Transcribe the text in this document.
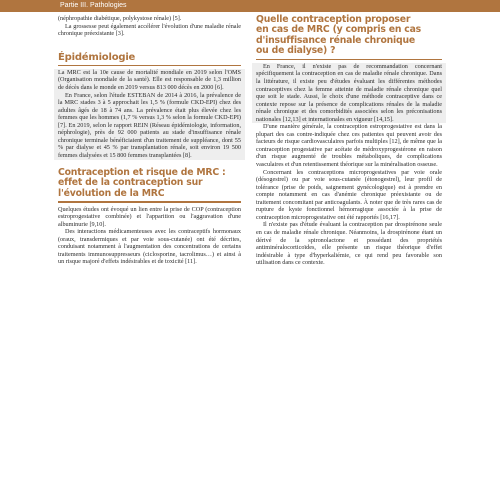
Partie III. Pathologies

(néphropathie diabétique, polykystose rénale) [5].

La grossesse peut également accélérer l'évolution d'une maladie rénale chronique préexistante [3].

Épidémiologie

La MRC est la 10e cause de mortalité mondiale en 2019 selon l'OMS (Organisation mondiale de la santé). Elle est responsable de 1,3 million de décès dans le monde en 2019 versus 813 000 décès en 2000 [6].

En France, selon l'étude ESTEBAN de 2014 à 2016, la prévalence de la MRC stades 3 à 5 approchait les 1,5 % (formule CKD-EPI) chez des adultes âgés de 18 à 74 ans. La prévalence était plus élevée chez les femmes que les hommes (1,7 % versus 1,3 % selon la formule CKD-EPI) [7]. En 2019, selon le rapport REIN (Réseau épidémiologie, information, néphrologie), près de 92 000 patients au stade d'insuffisance rénale chronique terminale bénéficiaient d'un traitement de suppléance, dont 55 % par dialyse et 45 % par transplantation rénale, soit environ 19 500 femmes dialysées et 15 800 femmes transplantées [8].

Contraception et risque de MRC :
effet de la contraception sur
l'évolution de la MRC

Quelques études ont évoqué un lien entre la prise de COP (contraception estroprogestative combinée) et l'apparition ou l'aggravation d'une albuminurie [9,10].

Des interactions médicamenteuses avec les contraceptifs hormonaux (oraux, transdermiques et par voie sous-cutanée) ont été décrites, conduisant notamment à l'augmentation des concentrations de certains traitements immunosuppresseurs (ciclosporine, tacrolimus…) et ainsi à un risque majoré d'effets indésirables et de toxicité [11].

Quelle contraception proposer
en cas de MRC (y compris en cas
d'insuffisance rénale chronique
ou de dialyse) ?

En France, il n'existe pas de recommandation concernant spécifiquement la contraception en cas de maladie rénale chronique. Dans la littérature, il existe peu d'études évaluant les différentes méthodes contraceptives chez la femme atteinte de maladie rénale chronique quel que soit le stade. Aussi, le choix d'une méthode contraceptive dans ce contexte repose sur la présence de complications rénales de la maladie rénale chronique et des comorbidités associées selon les préconisations nationales [12,13] et internationales en vigueur [14,15].

D'une manière générale, la contraception estroprogestative est dans la plupart des cas contre-indiquée chez ces patientes qui peuvent avoir des facteurs de risque cardiovasculaires parfois multiples [12], de même que la contraception progestative par acétate de médroxyprogestérone en raison d'un risque augmenté de troubles métaboliques, de complications vasculaires et d'un retentissement théorique sur la minéralisation osseuse.

Concernant les contraceptions microprogestatives par voie orale (désogestrel) ou par voie sous-cutanée (étonogestrel), leur profil de tolérance (prise de poids, saignement gynécologique) est à prendre en compte notamment en cas d'anémie chronique préexistante ou de traitement concomitant par anticoagulants. À noter que de très rares cas de rupture de kyste fonctionnel hémorragique associée à la prise de contraception microprogestative ont été rapportés [16,17].

Il n'existe pas d'étude évaluant la contraception par drospirénone seule en cas de maladie rénale chronique. Néanmoins, la drospirénone étant un dérivé de la spironolactone et possédant des propriétés antiminéralocorticoïdes, elle présente un risque théorique d'effet indésirable à type d'hyperkaliémie, ce qui rend peu favorable son utilisation dans ce contexte.
